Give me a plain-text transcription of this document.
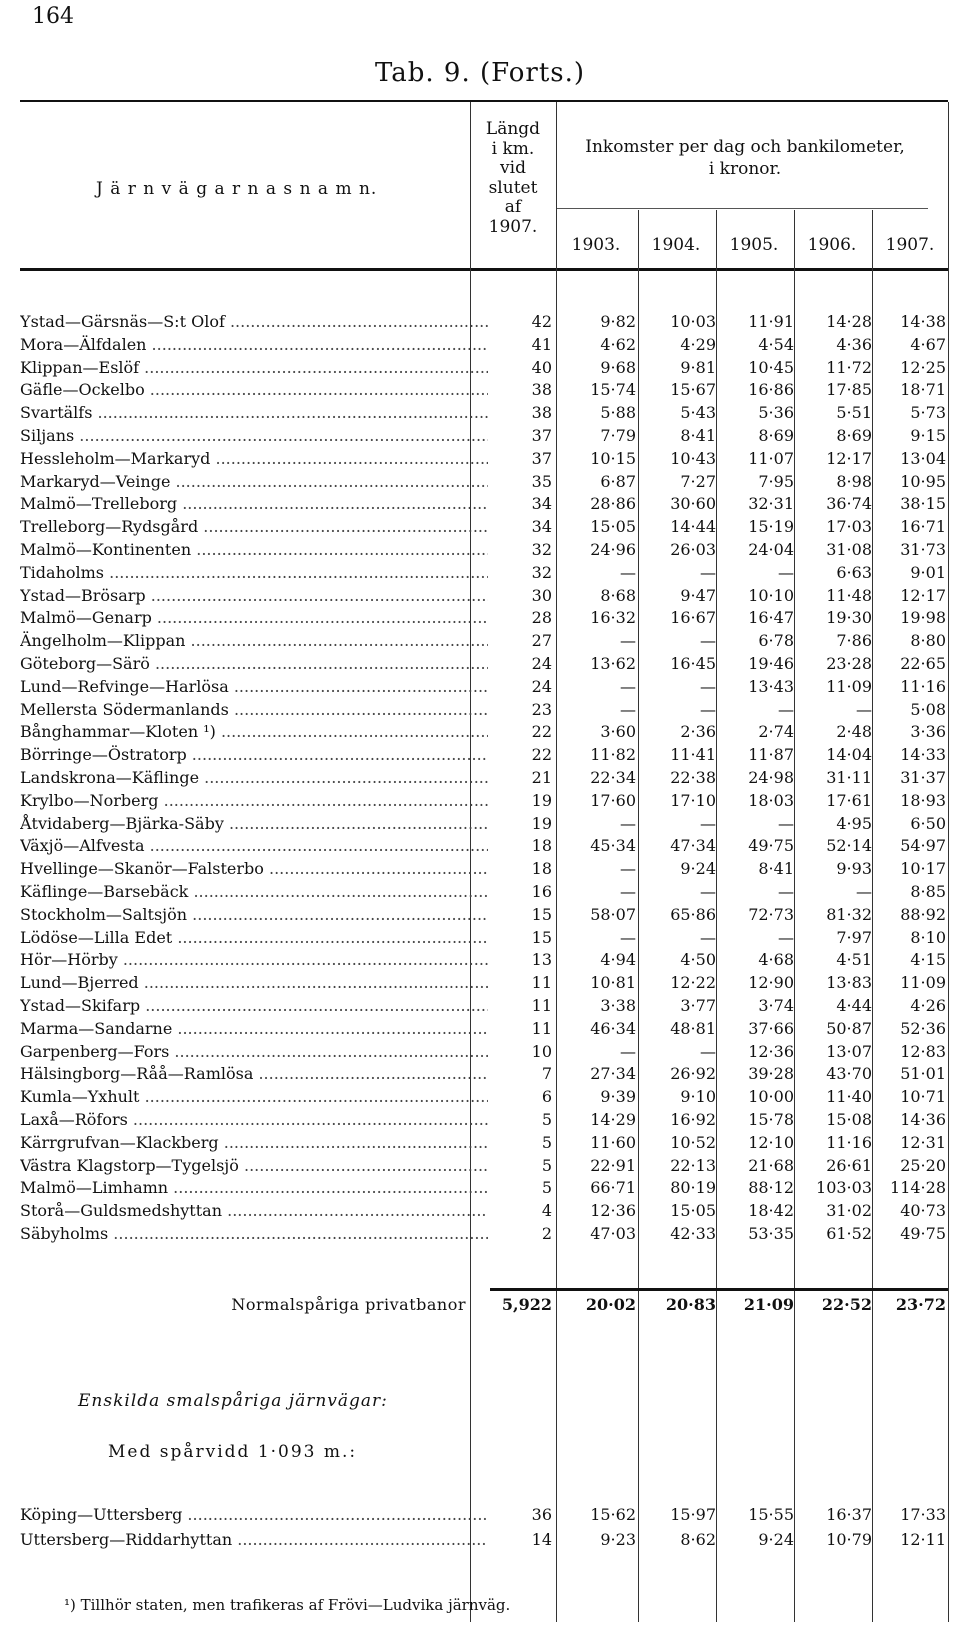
164
Tab. 9. (Forts.)
J ä r n v ä g a r n a s n a m n.
Längd
i km.
vid
slutet
af
1907.
Inkomster per dag och bankilometer,
i kronor.
1903.	1904.	1905.	1906.	1907.
Ystad—Gärsnäs—S:t Olof .....	42	9·82	10·03	11·91	14·28	14·38
Mora—Älfdalen .....	41	4·62	4·29	4·54	4·36	4·67
Klippan—Eslöf .....	40	9·68	9·81	10·45	11·72	12·25
Gäfle—Ockelbo .....	38	15·74	15·67	16·86	17·85	18·71
Svartälfs .....	38	5·88	5·43	5·36	5·51	5·73
Siljans .....	37	7·79	8·41	8·69	8·69	9·15
Hessleholm—Markaryd .....	37	10·15	10·43	11·07	12·17	13·04
Markaryd—Veinge .....	35	6·87	7·27	7·95	8·98	10·95
Malmö—Trelleborg .....	34	28·86	30·60	32·31	36·74	38·15
Trelleborg—Rydsgård .....	34	15·05	14·44	15·19	17·03	16·71
Malmö—Kontinenten .....	32	24·96	26·03	24·04	31·08	31·73
Tidaholms .....	32	—	—	—	6·63	9·01
Ystad—Brösarp .....	30	8·68	9·47	10·10	11·48	12·17
Malmö—Genarp .....	28	16·32	16·67	16·47	19·30	19·98
Ängelholm—Klippan .....	27	—	—	6·78	7·86	8·80
Göteborg—Särö .....	24	13·62	16·45	19·46	23·28	22·65
Lund—Refvinge—Harlösa .....	24	—	—	13·43	11·09	11·16
Mellersta Södermanlands .....	23	—	—	—	—	5·08
Bånghammar—Kloten ¹) .....	22	3·60	2·36	2·74	2·48	3·36
Börringe—Östratorp .....	22	11·82	11·41	11·87	14·04	14·33
Landskrona—Käflinge .....	21	22·34	22·38	24·98	31·11	31·37
Krylbo—Norberg .....	19	17·60	17·10	18·03	17·61	18·93
Åtvidaberg—Bjärka-Säby .....	19	—	—	—	4·95	6·50
Växjö—Alfvesta .....	18	45·34	47·34	49·75	52·14	54·97
Hvellinge—Skanör—Falsterbo .....	18	—	9·24	8·41	9·93	10·17
Käflinge—Barsebäck .....	16	—	—	—	—	8·85
Stockholm—Saltsjön .....	15	58·07	65·86	72·73	81·32	88·92
Lödöse—Lilla Edet .....	15	—	—	—	7·97	8·10
Hör—Hörby .....	13	4·94	4·50	4·68	4·51	4·15
Lund—Bjerred .....	11	10·81	12·22	12·90	13·83	11·09
Ystad—Skifarp .....	11	3·38	3·77	3·74	4·44	4·26
Marma—Sandarne .....	11	46·34	48·81	37·66	50·87	52·36
Garpenberg—Fors .....	10	—	—	12·36	13·07	12·83
Hälsingborg—Råå—Ramlösa .....	7	27·34	26·92	39·28	43·70	51·01
Kumla—Yxhult .....	6	9·39	9·10	10·00	11·40	10·71
Laxå—Röfors .....	5	14·29	16·92	15·78	15·08	14·36
Kärrgrufvan—Klackberg .....	5	11·60	10·52	12·10	11·16	12·31
Västra Klagstorp—Tygelsjö .....	5	22·91	22·13	21·68	26·61	25·20
Malmö—Limhamn .....	5	66·71	80·19	88·12	103·03	114·28
Storå—Guldsmedshyttan .....	4	12·36	15·05	18·42	31·02	40·73
Säbyholms .....	2	47·03	42·33	53·35	61·52	49·75
Normalspåriga privatbanor	5,922	20·02	20·83	21·09	22·52	23·72
Enskilda smalspåriga järnvägar:
Med spårvidd 1·093 m.:
Köping—Uttersberg .....	36	15·62	15·97	15·55	16·37	17·33
Uttersberg—Riddarhyttan .....	14	9·23	8·62	9·24	10·79	12·11
¹) Tillhör staten, men trafikeras af Frövi—Ludvika järnväg.
